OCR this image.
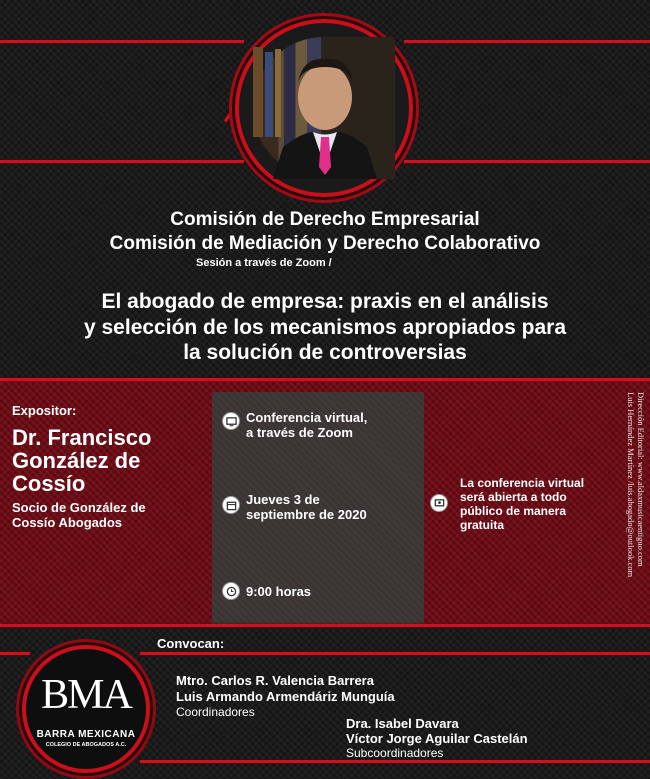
Comisión de Derecho Empresarial
Comisión de Mediación y Derecho Colaborativo
Sesión a través de Zoom /
El abogado de empresa: praxis en el análisis
y selección de los mecanismos apropiados para
la solución de controversias
Expositor:
Dr. Francisco
González de
Cossío
Socio de González de
Cossío Abogados
Conferencia virtual,
a través de Zoom
Jueves 3 de
septiembre de 2020
9:00 horas
La conferencia virtual
será abierta a todo
público de manera
gratuita	Dirección Editorial: www.aldaxmusicaentiguo.com
Luis Hernández Martínez /luis.abogado@outlook.com
Convocan:
Mtro. Carlos R. Valencia Barrera
Luis Armando Armendáriz Munguía
Coordinadores
Dra. Isabel Davara
Víctor Jorge Aguilar Castelán
Subcoordinadores
BMA
BARRA MEXICANA
COLEGIO DE ABOGADOS A.C.
